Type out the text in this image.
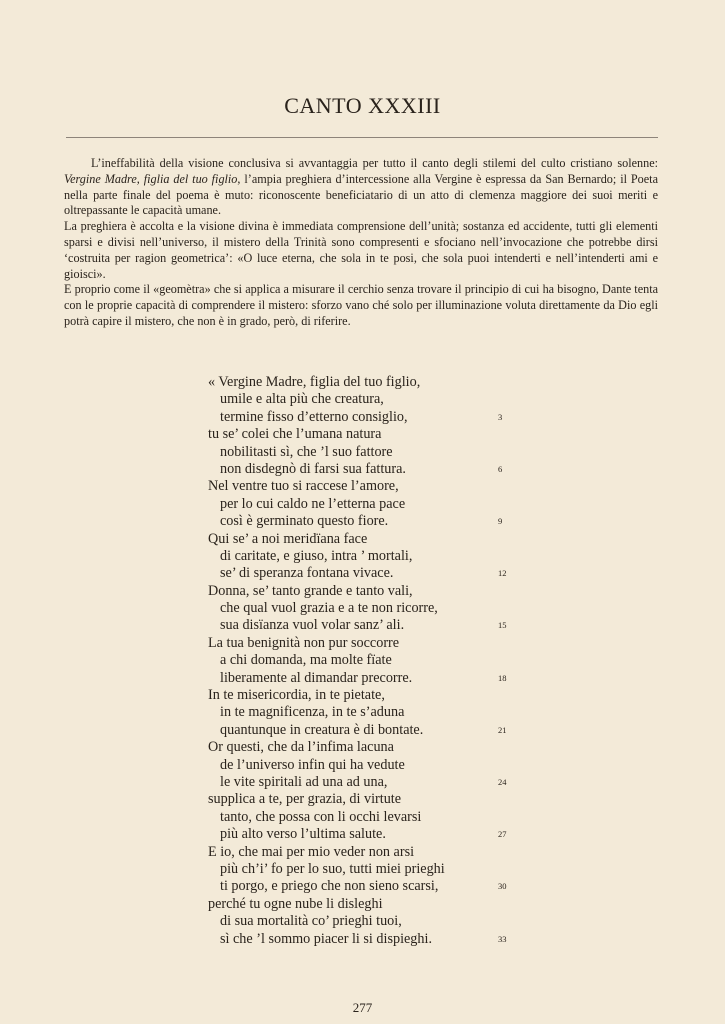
CANTO XXXIII

L’ineffabilità della visione conclusiva si avvantaggia per tutto il canto degli stilemi del culto cristiano solenne: Vergine Madre, figlia del tuo figlio, l’ampia preghiera d’intercessione alla Vergine è espressa da San Bernardo; il Poeta nella parte finale del poema è muto: riconoscente beneficiatario di un atto di clemenza maggiore dei suoi meriti e oltrepassante le capacità umane.

La preghiera è accolta e la visione divina è immediata comprensione dell’unità; sostanza ed accidente, tutti gli elementi sparsi e divisi nell’universo, il mistero della Trinità sono compresenti e sfociano nell’invocazione che potrebbe dirsi ‘costruita per ragion geometrica’: «O luce eterna, che sola in te posi, che sola puoi intenderti e nell’intenderti ami e gioisci».

E proprio come il «geomètra» che si applica a misurare il cerchio senza trovare il principio di cui ha bisogno, Dante tenta con le proprie capacità di comprendere il mistero: sforzo vano ché solo per illuminazione voluta direttamente da Dio egli potrà capire il mistero, che non è in grado, però, di riferire.

« Vergine Madre, figlia del tuo figlio,
umile e alta più che creatura,
termine fisso d’etterno consiglio,	3
tu se’ colei che l’umana natura
nobilitasti sì, che ’l suo fattore
non disdegnò di farsi sua fattura.	6
Nel ventre tuo si raccese l’amore,
per lo cui caldo ne l’etterna pace
così è germinato questo fiore.	9
Qui se’ a noi meridïana face
di caritate, e giuso, intra ’ mortali,
se’ di speranza fontana vivace.	12
Donna, se’ tanto grande e tanto vali,
che qual vuol grazia e a te non ricorre,
sua disïanza vuol volar sanz’ ali.	15
La tua benignità non pur soccorre
a chi domanda, ma molte fïate
liberamente al dimandar precorre.	18
In te misericordia, in te pietate,
in te magnificenza, in te s’aduna
quantunque in creatura è di bontate.	21
Or questi, che da l’infima lacuna
de l’universo infin qui ha vedute
le vite spiritali ad una ad una,	24
supplica a te, per grazia, di virtute
tanto, che possa con li occhi levarsi
più alto verso l’ultima salute.	27
E io, che mai per mio veder non arsi
più ch’i’ fo per lo suo, tutti miei prieghi
ti porgo, e priego che non sieno scarsi,	30
perché tu ogne nube li disleghi
di sua mortalità co’ prieghi tuoi,
sì che ’l sommo piacer li si dispieghi.	33
277
